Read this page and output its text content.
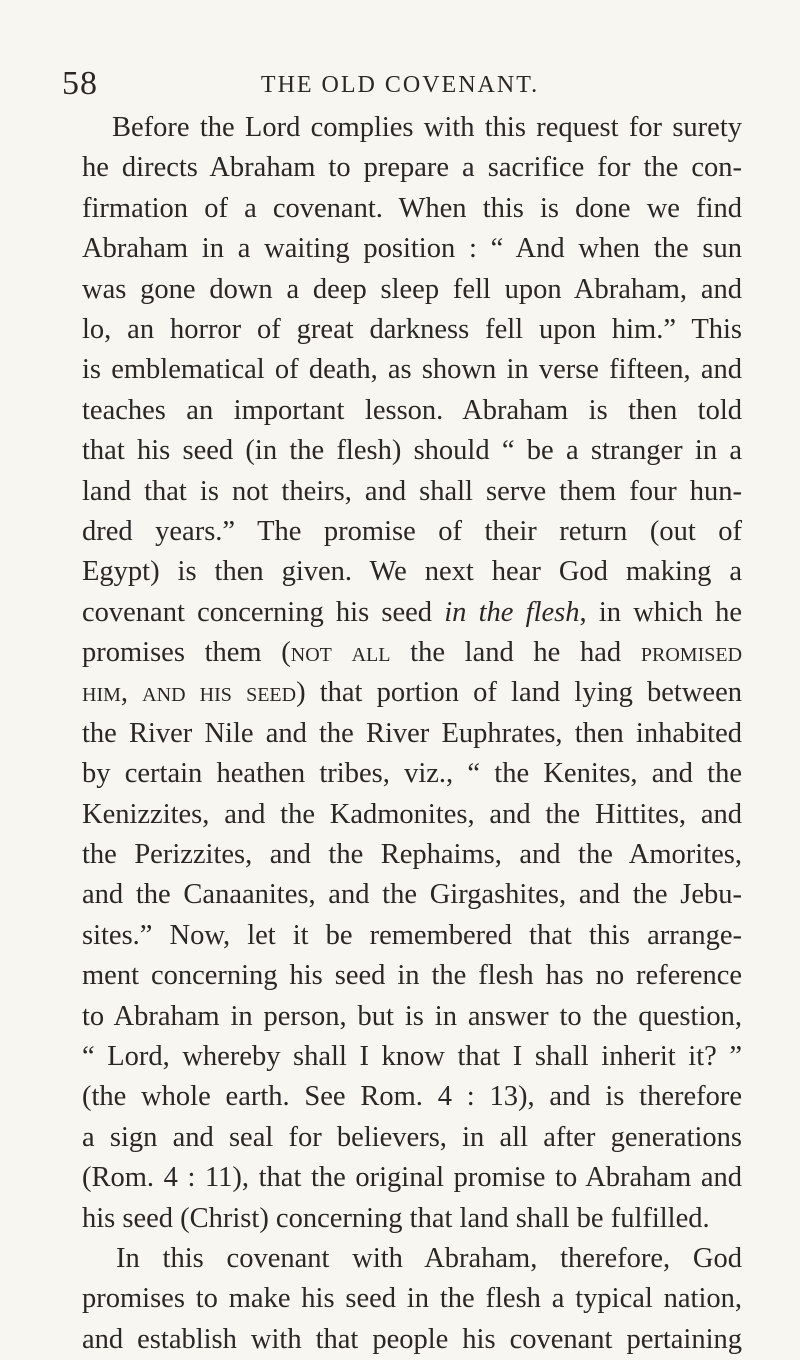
58	THE OLD COVENANT.
Before the Lord complies with this request for surety
he directs Abraham to prepare a sacrifice for the con-
firmation of a covenant. When this is done we find
Abraham in a waiting position : “ And when the sun
was gone down a deep sleep fell upon Abraham, and
lo, an horror of great darkness fell upon him.” This
is emblematical of death, as shown in verse fifteen, and
teaches an important lesson. Abraham is then told
that his seed (in the flesh) should “ be a stranger in a
land that is not theirs, and shall serve them four hun-
dred years.” The promise of their return (out of
Egypt) is then given. We next hear God making a
covenant concerning his seed in the flesh, in which he
promises them (not all the land he had promised
him, and his seed) that portion of land lying between
the River Nile and the River Euphrates, then inhabited
by certain heathen tribes, viz., “ the Kenites, and the
Kenizzites, and the Kadmonites, and the Hittites, and
the Perizzites, and the Rephaims, and the Amorites,
and the Canaanites, and the Girgashites, and the Jebu-
sites.” Now, let it be remembered that this arrange-
ment concerning his seed in the flesh has no reference
to Abraham in person, but is in answer to the question,
“ Lord, whereby shall I know that I shall inherit it? ”
(the whole earth. See Rom. 4 : 13), and is therefore
a sign and seal for believers, in all after generations
(Rom. 4 : 11), that the original promise to Abraham and
his seed (Christ) concerning that land shall be fulfilled.
In this covenant with Abraham, therefore, God
promises to make his seed in the flesh a typical nation,
and establish with that people his covenant pertaining
